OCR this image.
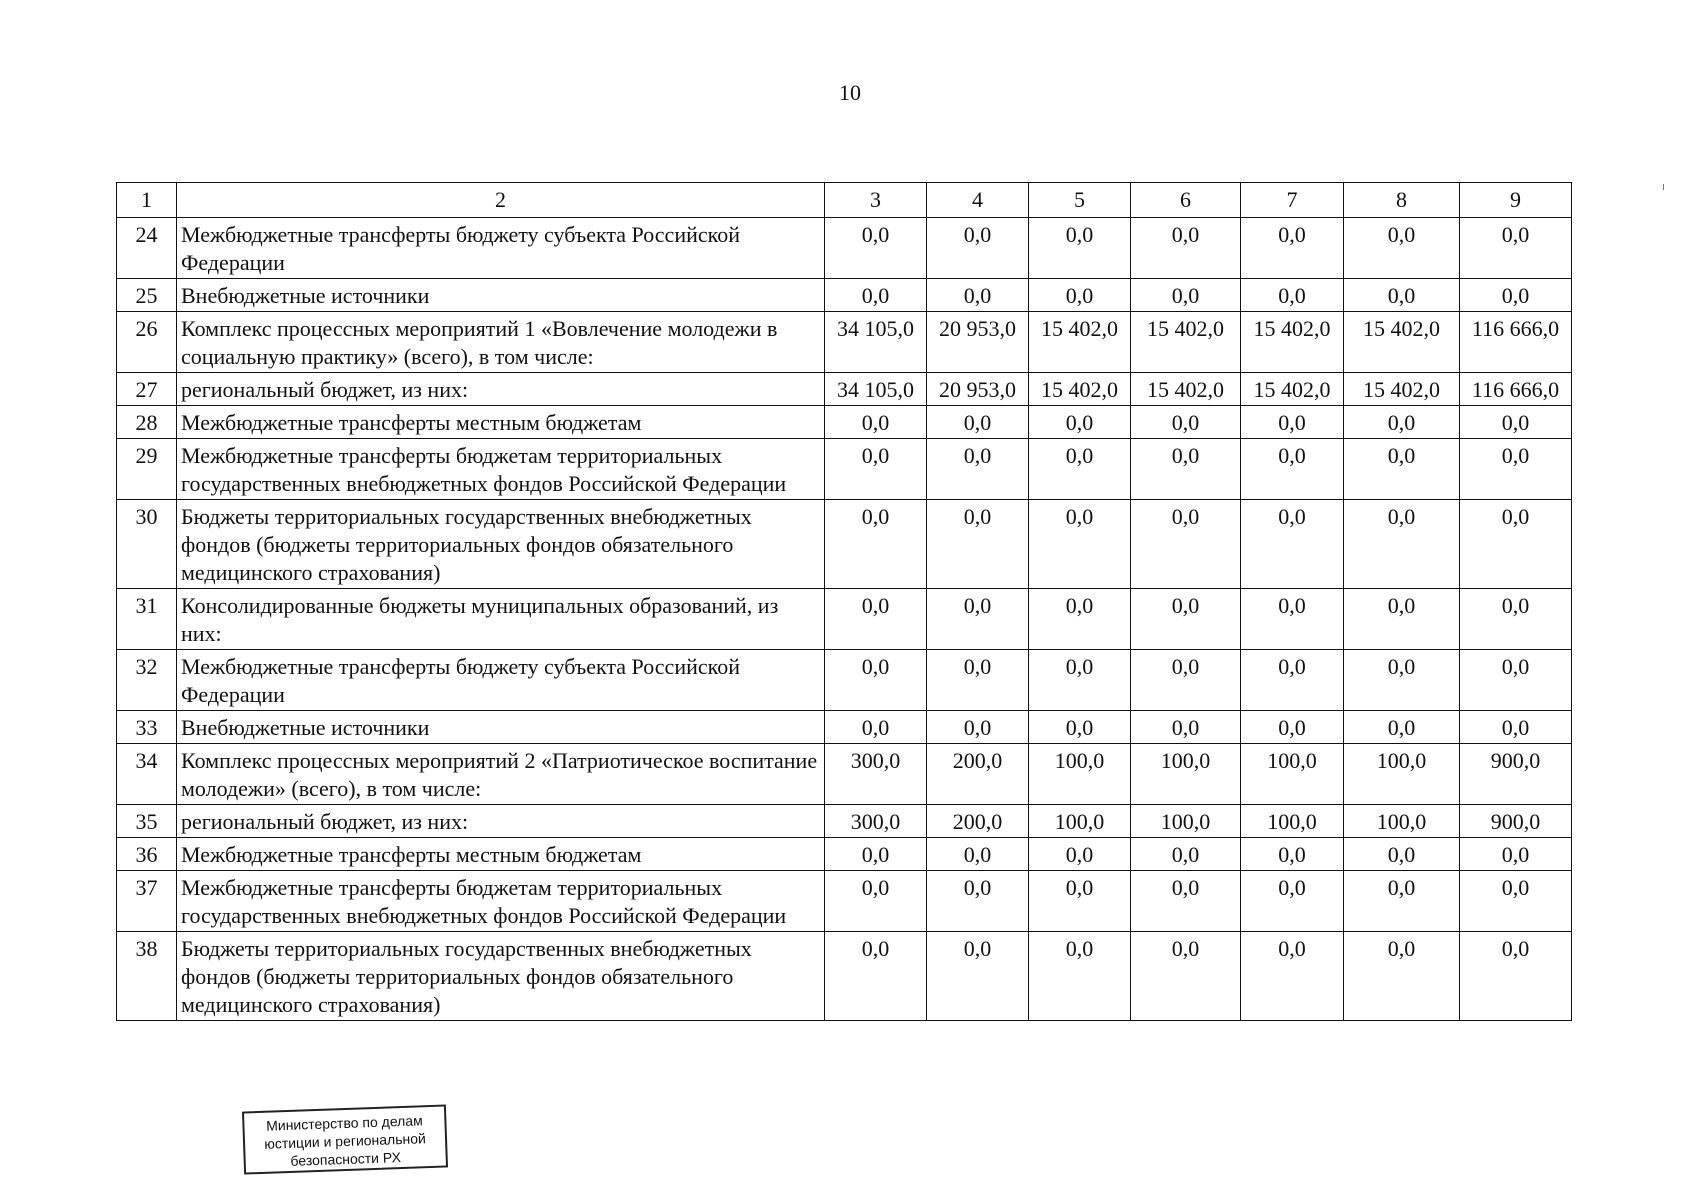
10
1	2	3	4	5	6	7	8	9
24	Межбюджетные трансферты бюджету субъекта Российской Федерации	0,0	0,0	0,0	0,0	0,0	0,0	0,0
25	Внебюджетные источники	0,0	0,0	0,0	0,0	0,0	0,0	0,0
26	Комплекс процессных мероприятий 1 «Вовлечение молодежи в социальную практику» (всего), в том числе:	34 105,0	20 953,0	15 402,0	15 402,0	15 402,0	15 402,0	116 666,0
27	региональный бюджет, из них:	34 105,0	20 953,0	15 402,0	15 402,0	15 402,0	15 402,0	116 666,0
28	Межбюджетные трансферты местным бюджетам	0,0	0,0	0,0	0,0	0,0	0,0	0,0
29	Межбюджетные трансферты бюджетам территориальных государственных внебюджетных фондов Российской Федерации	0,0	0,0	0,0	0,0	0,0	0,0	0,0
30	Бюджеты территориальных государственных внебюджетных фондов (бюджеты территориальных фондов обязательного медицинского страхования)	0,0	0,0	0,0	0,0	0,0	0,0	0,0
31	Консолидированные бюджеты муниципальных образований, из них:	0,0	0,0	0,0	0,0	0,0	0,0	0,0
32	Межбюджетные трансферты бюджету субъекта Российской Федерации	0,0	0,0	0,0	0,0	0,0	0,0	0,0
33	Внебюджетные источники	0,0	0,0	0,0	0,0	0,0	0,0	0,0
34	Комплекс процессных мероприятий 2 «Патриотическое воспитание молодежи» (всего), в том числе:	300,0	200,0	100,0	100,0	100,0	100,0	900,0
35	региональный бюджет, из них:	300,0	200,0	100,0	100,0	100,0	100,0	900,0
36	Межбюджетные трансферты местным бюджетам	0,0	0,0	0,0	0,0	0,0	0,0	0,0
37	Межбюджетные трансферты бюджетам территориальных государственных внебюджетных фондов Российской Федерации	0,0	0,0	0,0	0,0	0,0	0,0	0,0
38	Бюджеты территориальных государственных внебюджетных фондов (бюджеты территориальных фондов обязательного медицинского страхования)	0,0	0,0	0,0	0,0	0,0	0,0	0,0
Министерство по делам
юстиции и региональной
безопасности РХ
